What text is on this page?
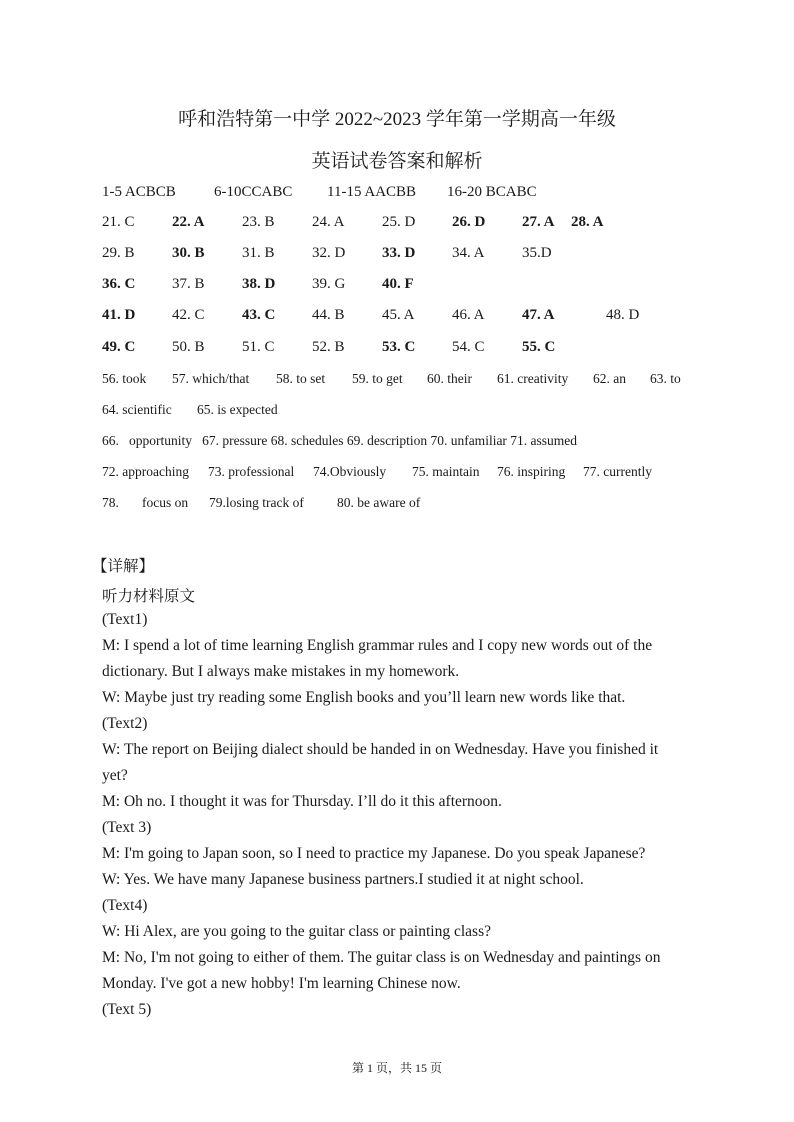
呼和浩特第一中学 2022~2023 学年第一学期高一年级
英语试卷答案和解析
1-5 ACBCB	6-10CCABC 11-15 AACBB 16-20 BCABC
21. C 22. A 23. B 24. A 25. D 26. D 27. A 28. A
29. B 30. B 31. B 32. D 33. D 34. A 35.D
36. C 37. B 38. D 39. G 40. F
41. D 42. C 43. C 44. B 45. A 46. A 47. A	48. D
49. C 50. B 51. C 52. B 53. C 54. C 55. C
56. took 57. which/that 58. to set 59. to get 60. their 61. creativity 62. an 63. to
64. scientific 65. is expected
66.   opportunity   67. pressure 68. schedules 69. description 70. unfamiliar 71. assumed
72. approaching 73. professional 74.Obviously 75. maintain 76. inspiring 77. currently
78. focus on 79.losing track of 80. be aware of
【详解】
听力材料原文
(Text1)
M: I spend a lot of time learning English grammar rules and I copy new words out of the
dictionary. But I always make mistakes in my homework.
W: Maybe just try reading some English books and you’ll learn new words like that.
(Text2)
W: The report on Beijing dialect should be handed in on Wednesday. Have you finished it
yet?
M: Oh no. I thought it was for Thursday. I’ll do it this afternoon.
(Text 3)
M: I'm going to Japan soon, so I need to practice my Japanese. Do you speak Japanese?
W: Yes. We have many Japanese business partners.I studied it at night school.
(Text4)
W: Hi Alex, are you going to the guitar class or painting class?
M: No, I'm not going to either of them. The guitar class is on Wednesday and paintings on
Monday. I've got a new hobby! I'm learning Chinese now.
(Text 5)
第 1 页，共 15 页
